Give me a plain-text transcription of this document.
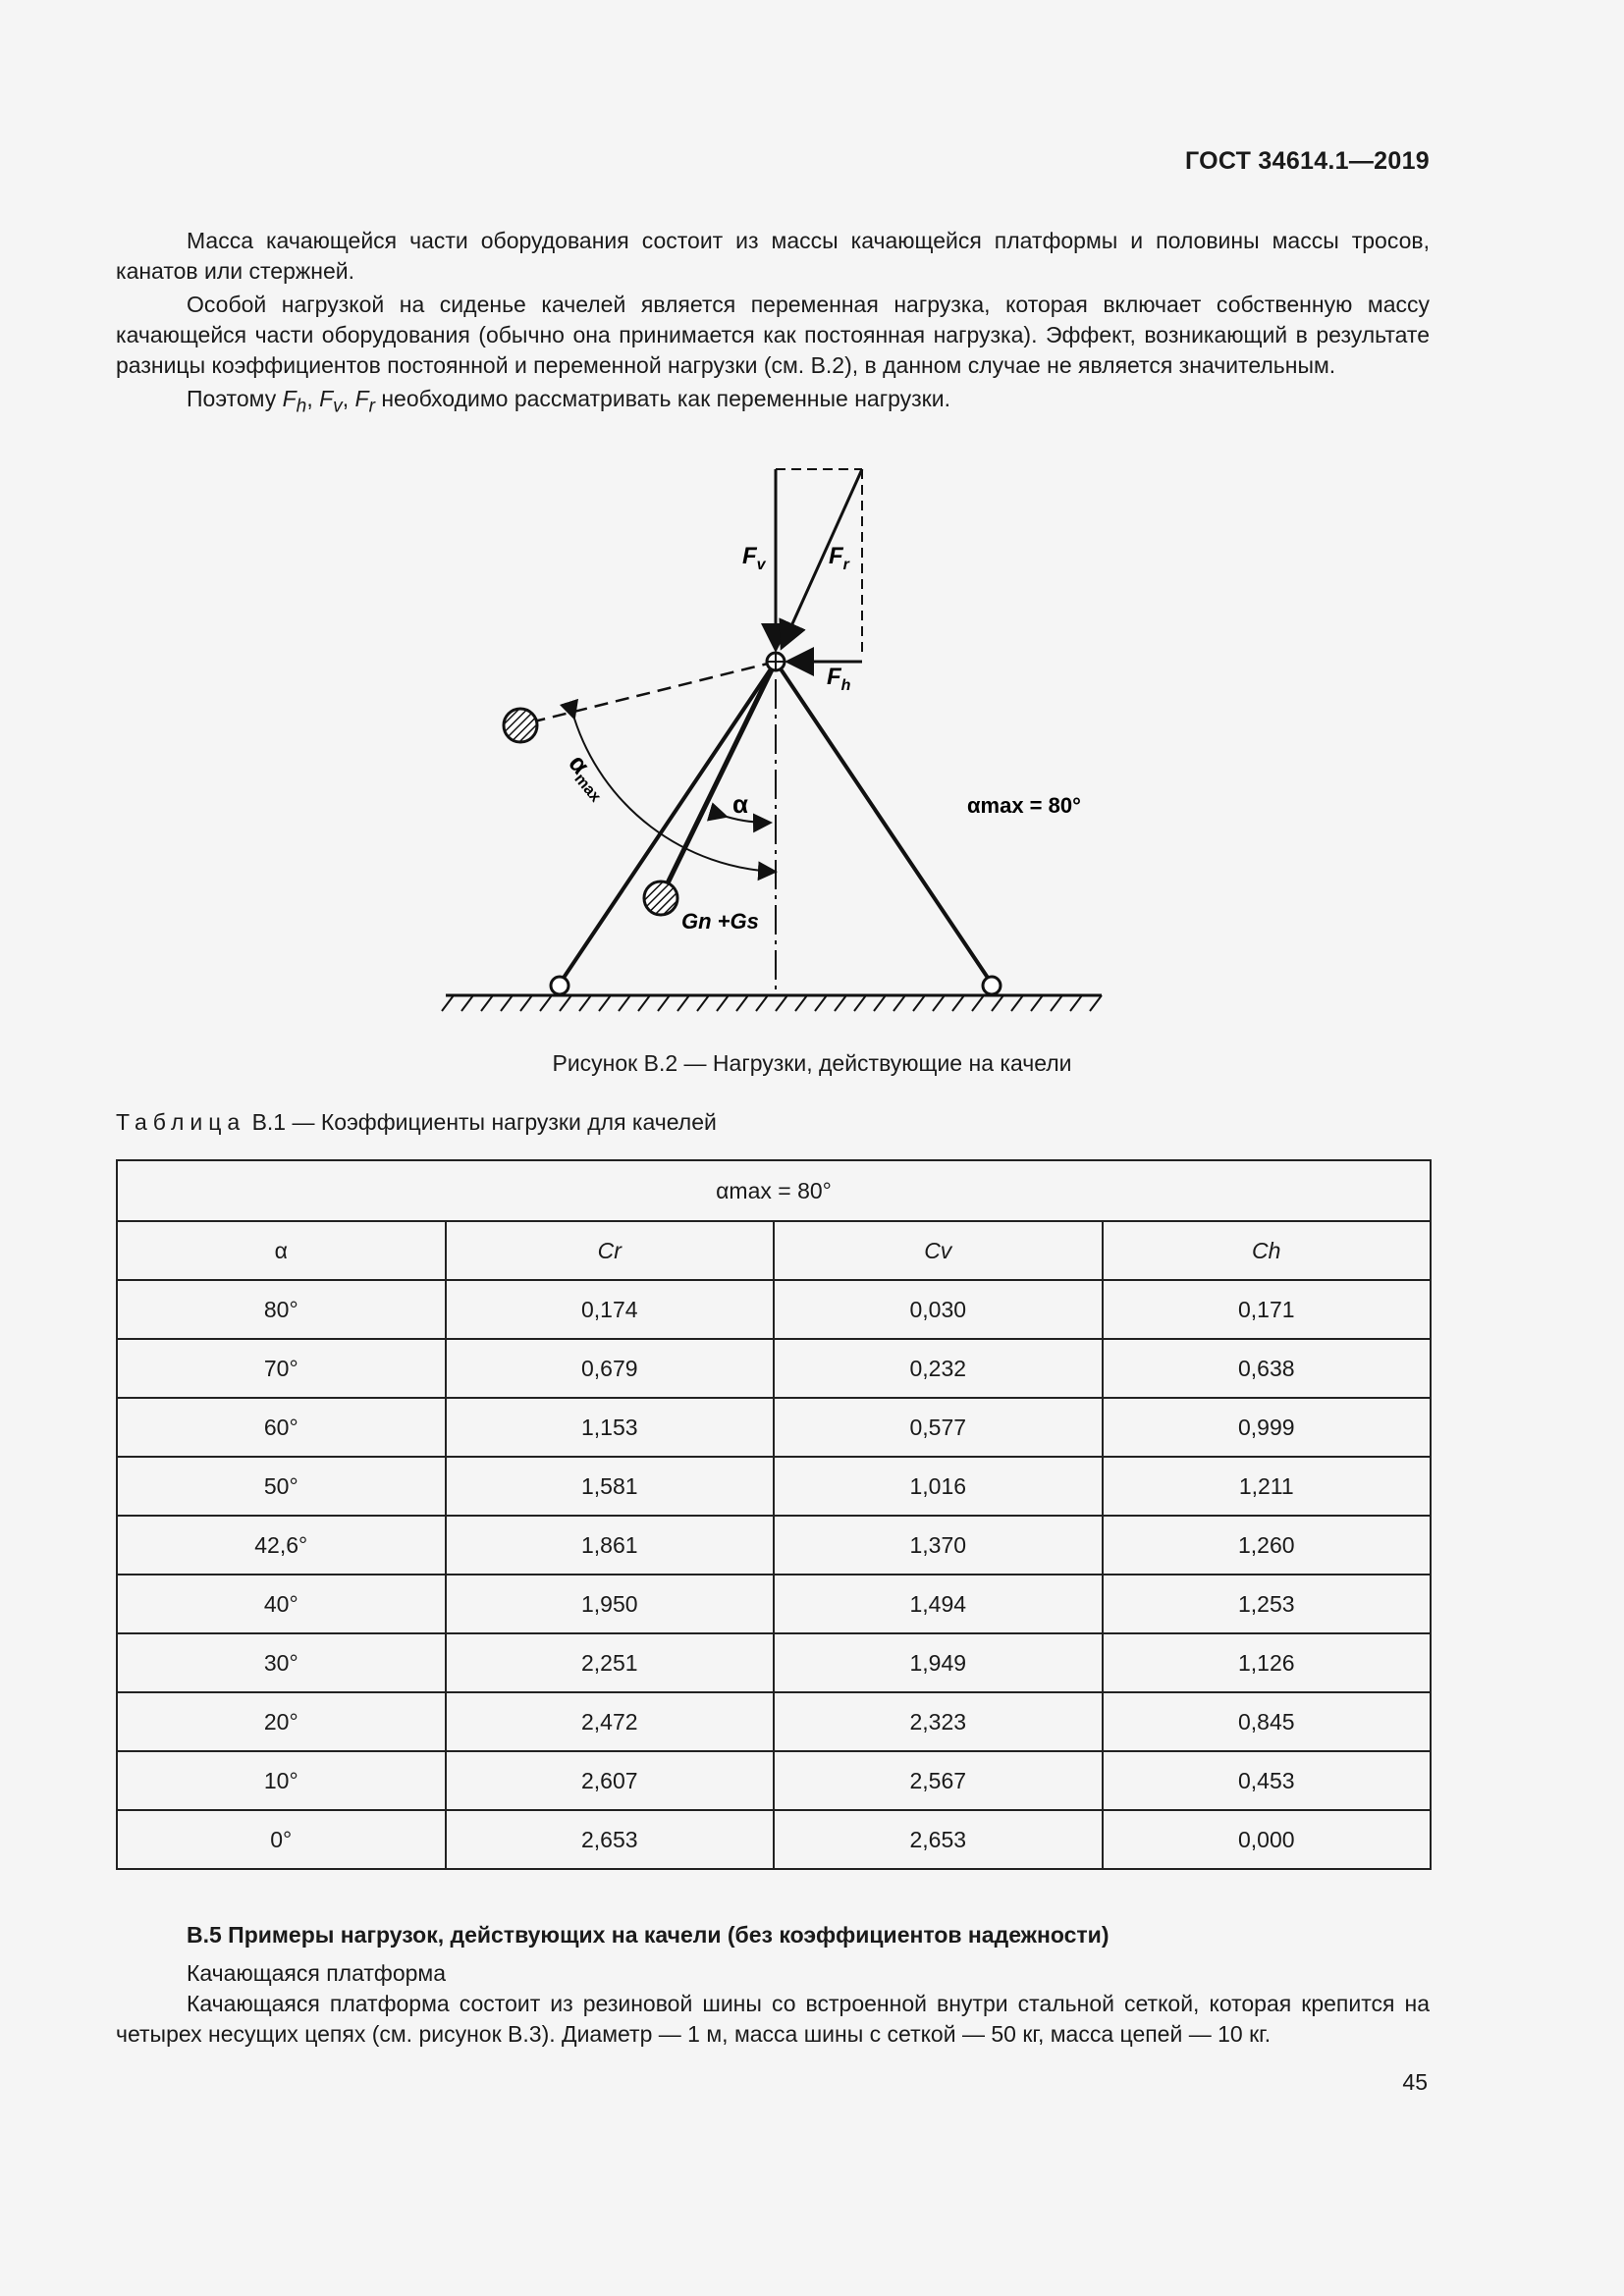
ГОСТ 34614.1—2019

Масса качающейся части оборудования состоит из массы качающейся платформы и половины массы тросов, канатов или стержней.

Особой нагрузкой на сиденье качелей является переменная нагрузка, которая включает собственную массу качающейся части оборудования (обычно она принимается как постоянная нагрузка). Эффект, возникающий в результате разницы коэффициентов постоянной и переменной нагрузки (см. B.2), в данном случае не является значительным.

Поэтому $F_h$, $F_v$, $F_r$ необходимо рассматривать как переменные нагрузки.

$F_v$	$F_r$
$F_h$
α
αmax	αmax = 80°
Gn +Gs
Рисунок B.2 — Нагрузки, действующие на качели
Таблица B.1 — Коэффициенты нагрузки для качелей
αmax = 80°			
α	Cr	Cv	Ch
80°	0,174	0,030	0,171
70°	0,679	0,232	0,638
60°	1,153	0,577	0,999
50°	1,581	1,016	1,211
42,6°	1,861	1,370	1,260
40°	1,950	1,494	1,253
30°	2,251	1,949	1,126
20°	2,472	2,323	0,845
10°	2,607	2,567	0,453
0°	2,653	2,653	0,000

B.5 Примеры нагрузок, действующих на качели (без коэффициентов надежности)

Качающаяся платформа

Качающаяся платформа состоит из резиновой шины со встроенной внутри стальной сеткой, которая крепится на четырех несущих цепях (см. рисунок B.3). Диаметр — 1 м, масса шины с сеткой — 50 кг, масса цепей — 10 кг.

45
